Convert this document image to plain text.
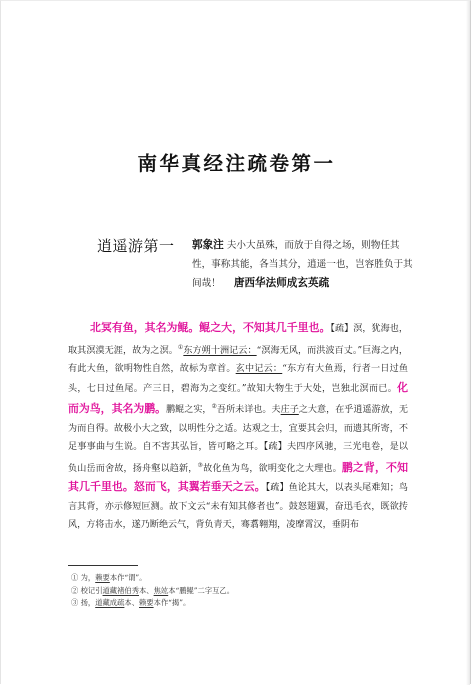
南华真经注疏卷第一
逍遥游第一 郭象注 夫小大虽殊，而放于自得之场，则物任其性，事称其能，各当其分，逍遥一也，岂容胜负于其间哉！ 唐西华法师成玄英疏
北冥有鱼，其名为鲲。鲲之大，不知其几千里也。【疏】溟，犹海也，取其溟漠无涯，故为之溟。①东方朔十洲记云：“溟海无风，而洪波百丈。”巨海之内，有此大鱼，欲明物性自然，故标为章首。玄中记云：“东方有大鱼焉，行者一日过鱼头，七日过鱼尾。产三日，碧海为之变红。”故知大物生于大处，岂独北溟而已。化而为鸟，其名为鹏。鹏鲲之实，②吾所未详也。夫庄子之大意，在乎逍遥游放，无为而自得。故极小大之致，以明性分之适。达观之士，宜要其会归，而遗其所寄，不足事事曲与生说。自不害其弘旨，皆可略之耳。【疏】夫四序风驰，三光电卷，是以负山岳而舍故，扬舟壑以趋新，③故化鱼为鸟，欲明变化之大理也。鹏之背，不知其几千里也。怒而飞，其翼若垂天之云。【疏】鱼论其大，以表头尾难知；鸟言其背，亦示修短叵测。故下文云“未有知其修者也”。鼓怒翅翼，奋迅毛衣，既欲抟风，方将击水，遂乃断绝云气，背负青天，骞翥翱翔，凌摩霄汉，垂阴布
① 为，赖要本作“谓”。
② 校记引道藏褚伯秀本、焦竑本“鹏鲲”二字互乙。
③ 扬，道藏成疏本、赖要本作“揭”。
